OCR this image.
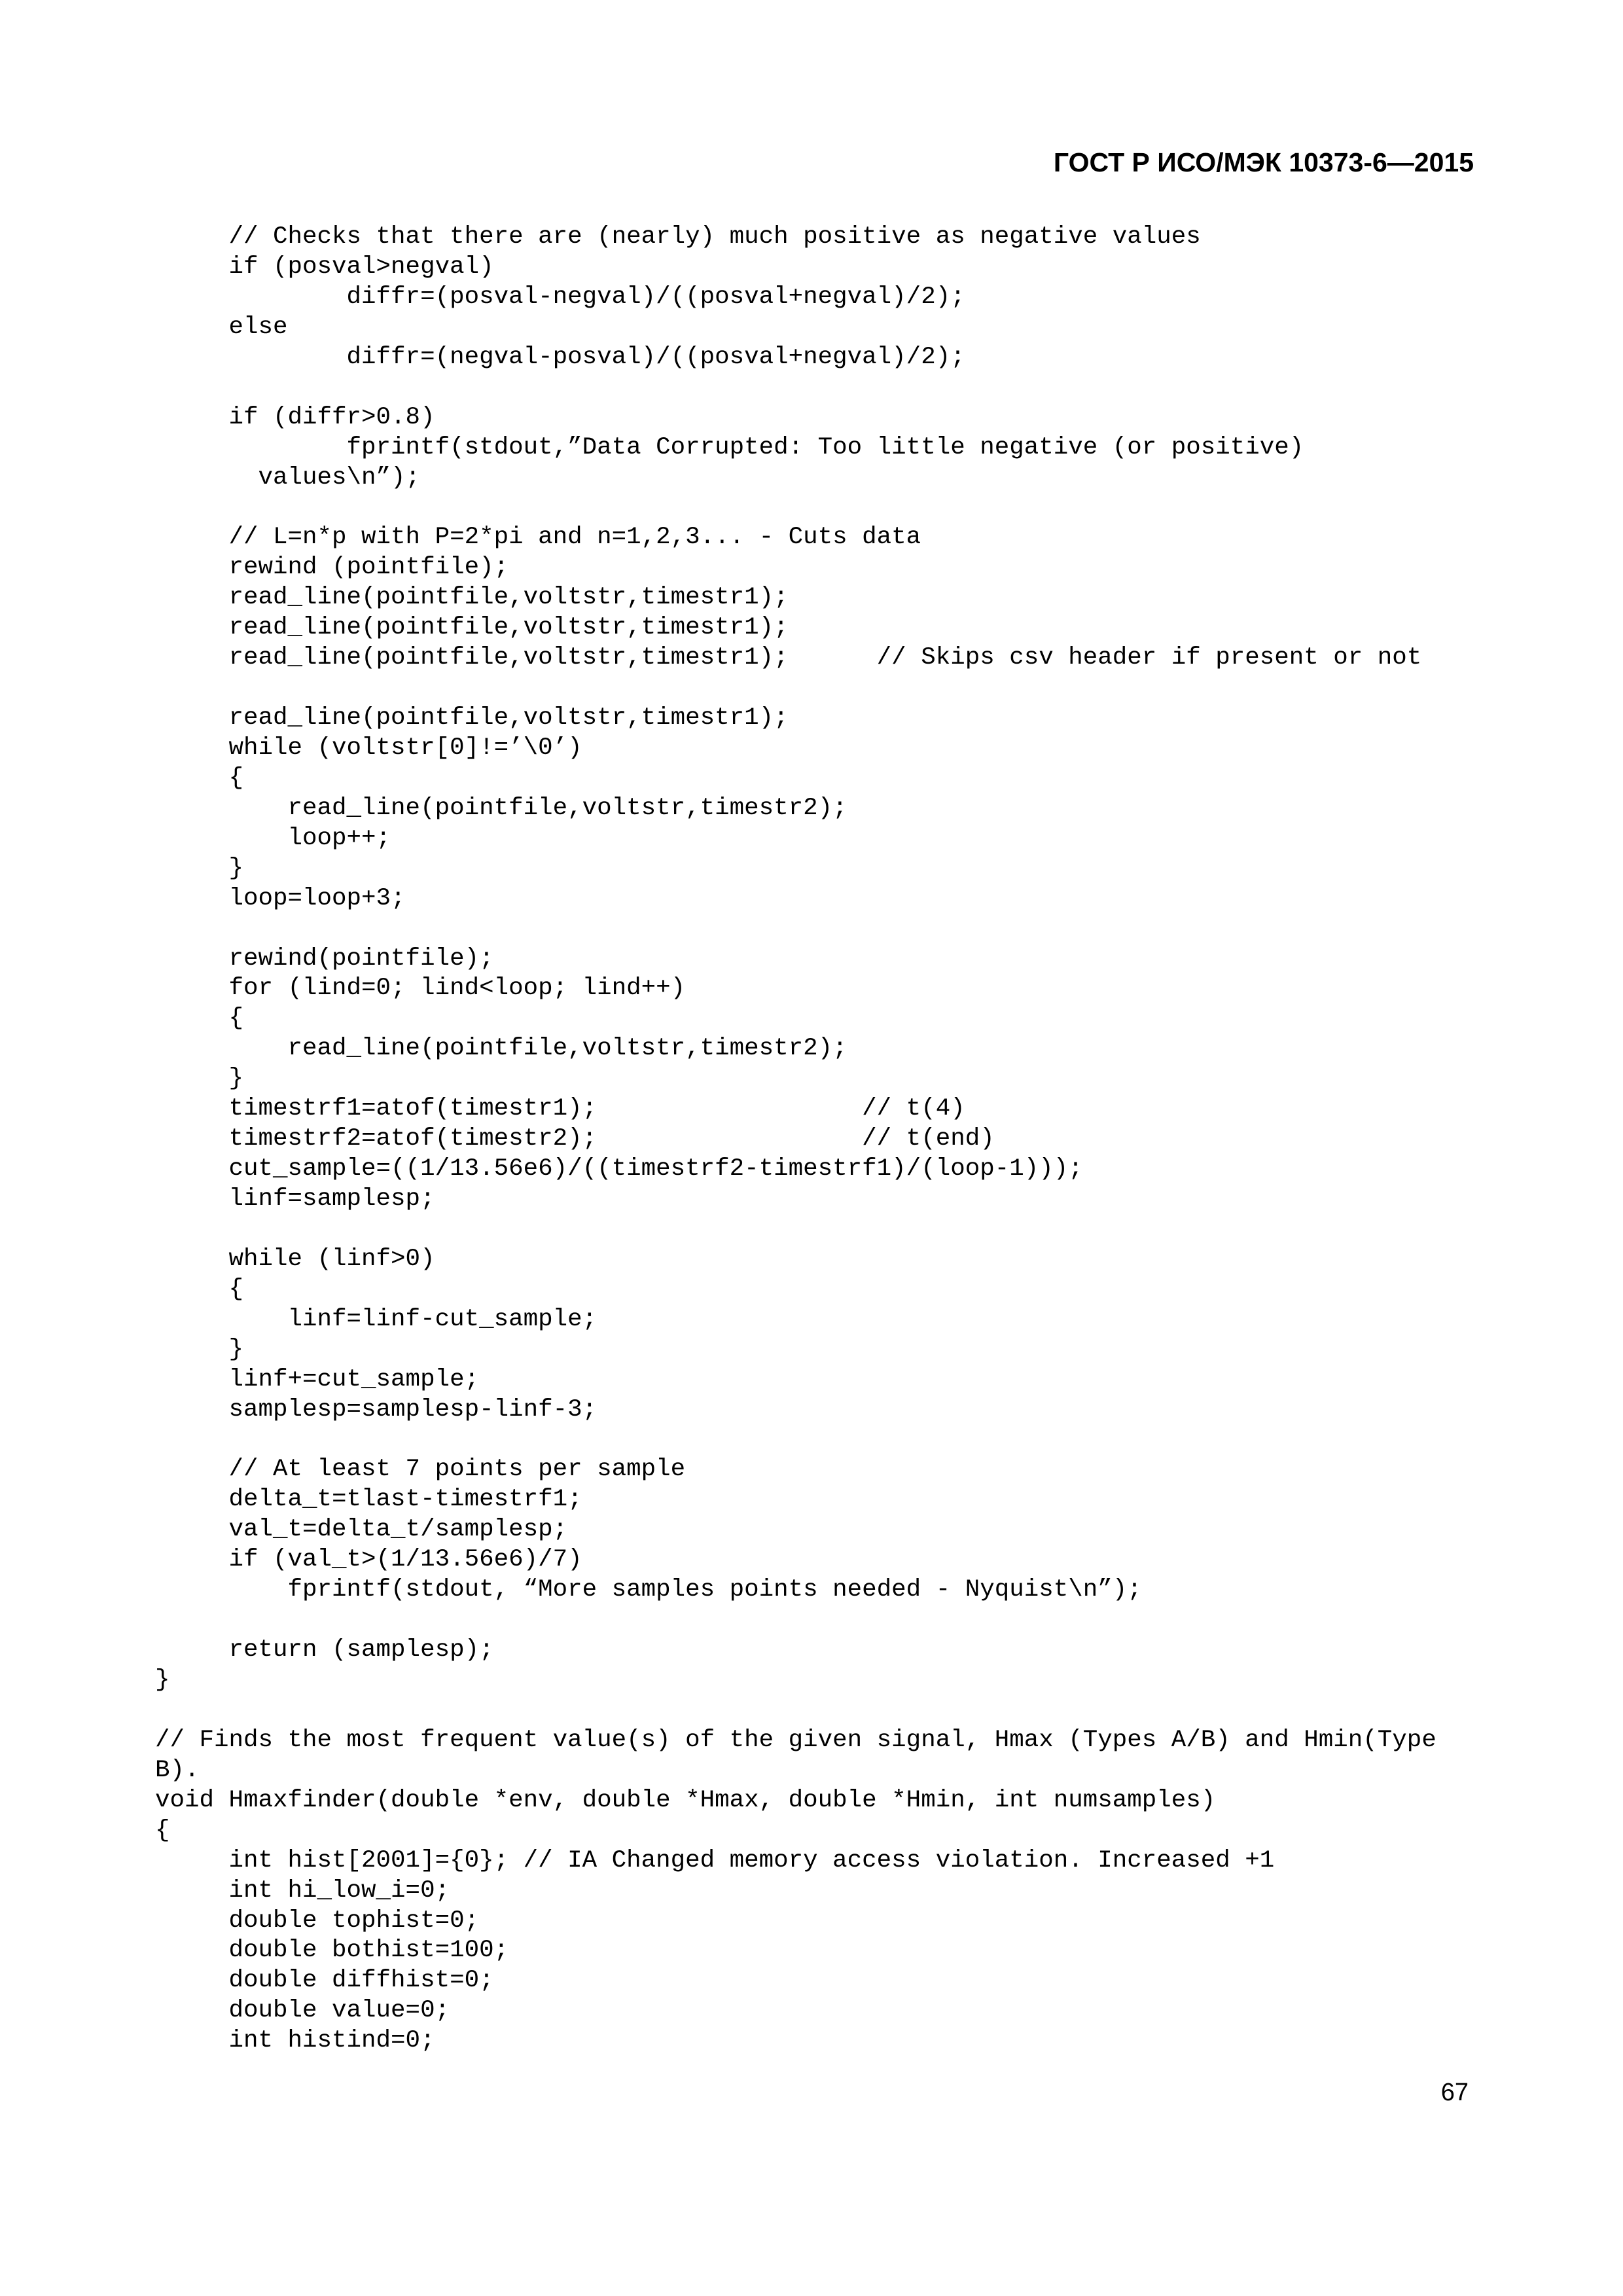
ГОСТ Р ИСО/МЭК 10373-6—2015
// Checks that there are (nearly) much positive as negative values
if (posval>negval)
diffr=(posval-negval)/((posval+negval)/2);
else
diffr=(negval-posval)/((posval+negval)/2);
if (diffr>0.8)
fprintf(stdout,”Data Corrupted: Too little negative (or positive)
values\n”);
// L=n*p with P=2*pi and n=1,2,3... - Cuts data
rewind (pointfile);
read_line(pointfile,voltstr,timestr1);
read_line(pointfile,voltstr,timestr1);
read_line(pointfile,voltstr,timestr1);      // Skips csv header if present or not
read_line(pointfile,voltstr,timestr1);
while (voltstr[0]!=’\0’)
{
read_line(pointfile,voltstr,timestr2);
loop++;
}
loop=loop+3;
rewind(pointfile);
for (lind=0; lind<loop; lind++)
{
read_line(pointfile,voltstr,timestr2);
}
timestrf1=atof(timestr1);                  // t(4)
timestrf2=atof(timestr2);                  // t(end)
cut_sample=((1/13.56e6)/((timestrf2-timestrf1)/(loop-1)));
linf=samplesp;
while (linf>0)
{
linf=linf-cut_sample;
}
linf+=cut_sample;
samplesp=samplesp-linf-3;
// At least 7 points per sample
delta_t=tlast-timestrf1;
val_t=delta_t/samplesp;
if (val_t>(1/13.56e6)/7)
fprintf(stdout, “More samples points needed - Nyquist\n”);
return (samplesp);
}
// Finds the most frequent value(s) of the given signal, Hmax (Types A/B) and Hmin(Type
B).
void Hmaxfinder(double *env, double *Hmax, double *Hmin, int numsamples)
{
int hist[2001]={0}; // IA Changed memory access violation. Increased +1
int hi_low_i=0;
double tophist=0;
double bothist=100;
double diffhist=0;
double value=0;
int histind=0;
67
